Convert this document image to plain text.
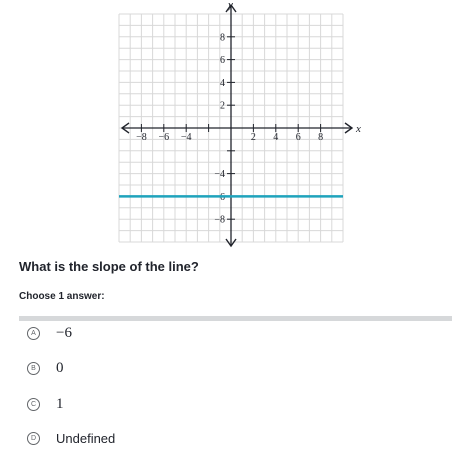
−8 −6 −4	2 4 6 8
8
6
4
2
−4
−6
−8
x
y
What is the slope of the line?
Choose 1 answer:
A −6
B 0
C 1
D	Undefined
